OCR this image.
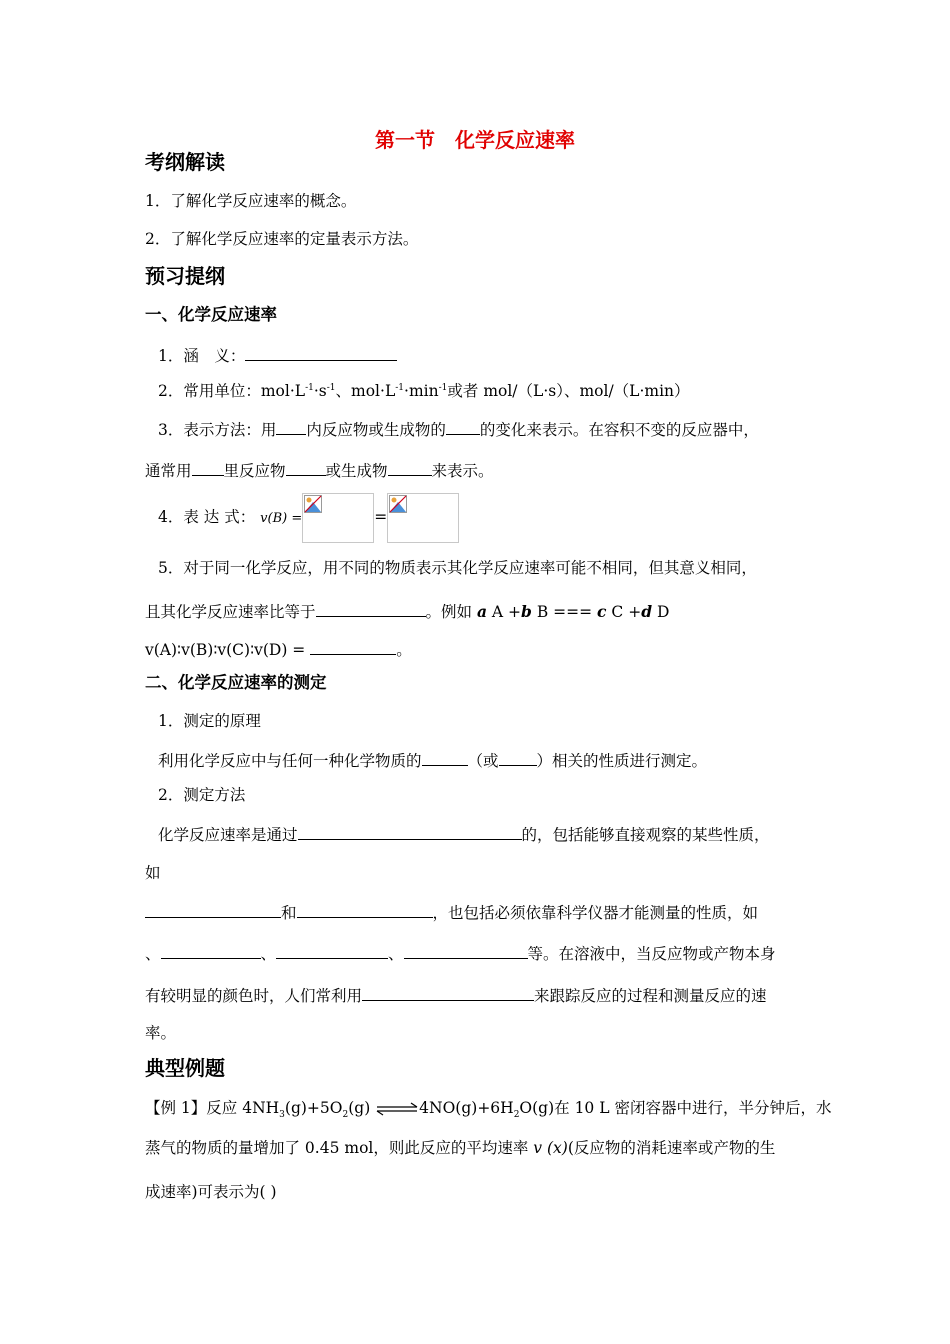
第一节　化学反应速率
考纲解读
1．了解化学反应速率的概念。
2．了解化学反应速率的定量表示方法。
预习提纲
一、化学反应速率
1．涵　义：
2．常用单位：$mol\cdot L^{-1}\cdot s^{-1}$、$mol\cdot L^{-1}\cdot\min^{-1}$或者 mol/（L·s）、mol/（L·min）
3．表示方法：用 内反应物或生成物的 的变化来表示。在容积不变的反应器中，
通常用 里反应物	或生成物	来表示。
4．表 达 式： v(B) =	=
5．对于同一化学反应，用不同的物质表示其化学反应速率可能不相同，但其意义相同，
且其化学反应速率比等于	。例如 a A +b B === c C +d D
v(A)∶v(B)∶v(C)∶v(D) =	。
二、化学反应速率的测定
1．测定的原理
利用化学反应中与任何一种化学物质的	（或 ）相关的性质进行测定。
2．测定方法
化学反应速率是通过	的，包括能够直接观察的某些性质，
如
和	，也包括必须依靠科学仪器才能测量的性质，如
、	、	、	等。在溶液中，当反应物或产物本身
有较明显的颜色时，人们常利用	来跟踪反应的过程和测量反应的速
率。
典型例题
【例 1】反应 $4NH_3(g)+5O_2(g)$ $\rightleftharpoons 4NO(g)+6H_2O(g)$在 10 L 密闭容器中进行，半分钟后，水
蒸气的物质的量增加了 0.45 mol，则此反应的平均速率 v (x)(反应物的消耗速率或产物的生
成速率)可表示为( )
